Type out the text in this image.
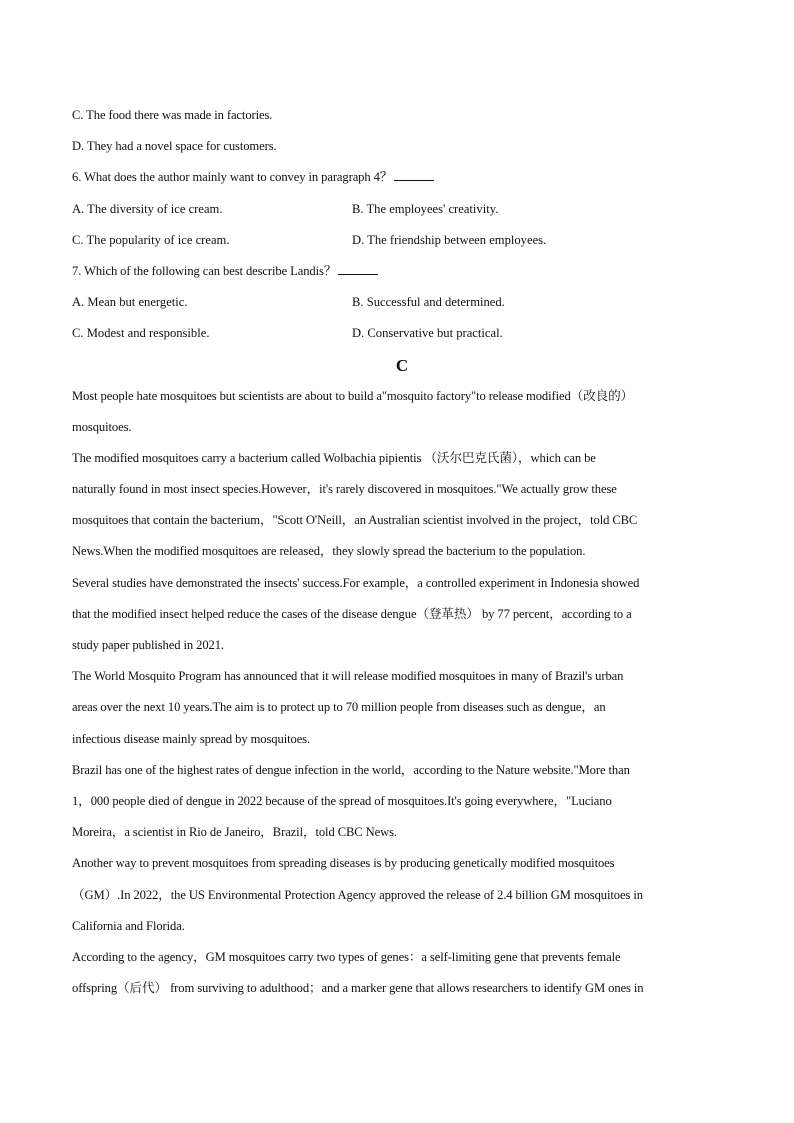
C. The food there was made in factories.
D. They had a novel space for customers.
6. What does the author mainly want to convey in paragraph 4？
A. The diversity of ice cream.	B. The employees' creativity.
C. The popularity of ice cream.	D. The friendship between employees.
7. Which of the following can best describe Landis？
A. Mean but energetic.	B. Successful and determined.
C. Modest and responsible.	D. Conservative but practical.
C
Most people hate mosquitoes but scientists are about to build a"mosquito factory"to release modified（改良的）
mosquitoes.
The modified mosquitoes carry a bacterium called Wolbachia pipientis （沃尔巴克氏菌），which can be
naturally found in most insect species.However，it's rarely discovered in mosquitoes."We actually grow these
mosquitoes that contain the bacterium，"Scott O'Neill，an Australian scientist involved in the project，told CBC
News.When the modified mosquitoes are released，they slowly spread the bacterium to the population.
Several studies have demonstrated the insects' success.For example，a controlled experiment in Indonesia showed
that the modified insect helped reduce the cases of the disease dengue（登革热） by 77 percent，according to a
study paper published in 2021.
The World Mosquito Program has announced that it will release modified mosquitoes in many of Brazil's urban
areas over the next 10 years.The aim is to protect up to 70 million people from diseases such as dengue，an
infectious disease mainly spread by mosquitoes.
Brazil has one of the highest rates of dengue infection in the world，according to the Nature website."More than
1，000 people died of dengue in 2022 because of the spread of mosquitoes.It's going everywhere，"Luciano
Moreira，a scientist in Rio de Janeiro，Brazil，told CBC News.
Another way to prevent mosquitoes from spreading diseases is by producing genetically modified mosquitoes
（GM）.In 2022，the US Environmental Protection Agency approved the release of 2.4 billion GM mosquitoes in
California and Florida.
According to the agency，GM mosquitoes carry two types of genes：a self-limiting gene that prevents female
offspring（后代） from surviving to adulthood；and a marker gene that allows researchers to identify GM ones in
